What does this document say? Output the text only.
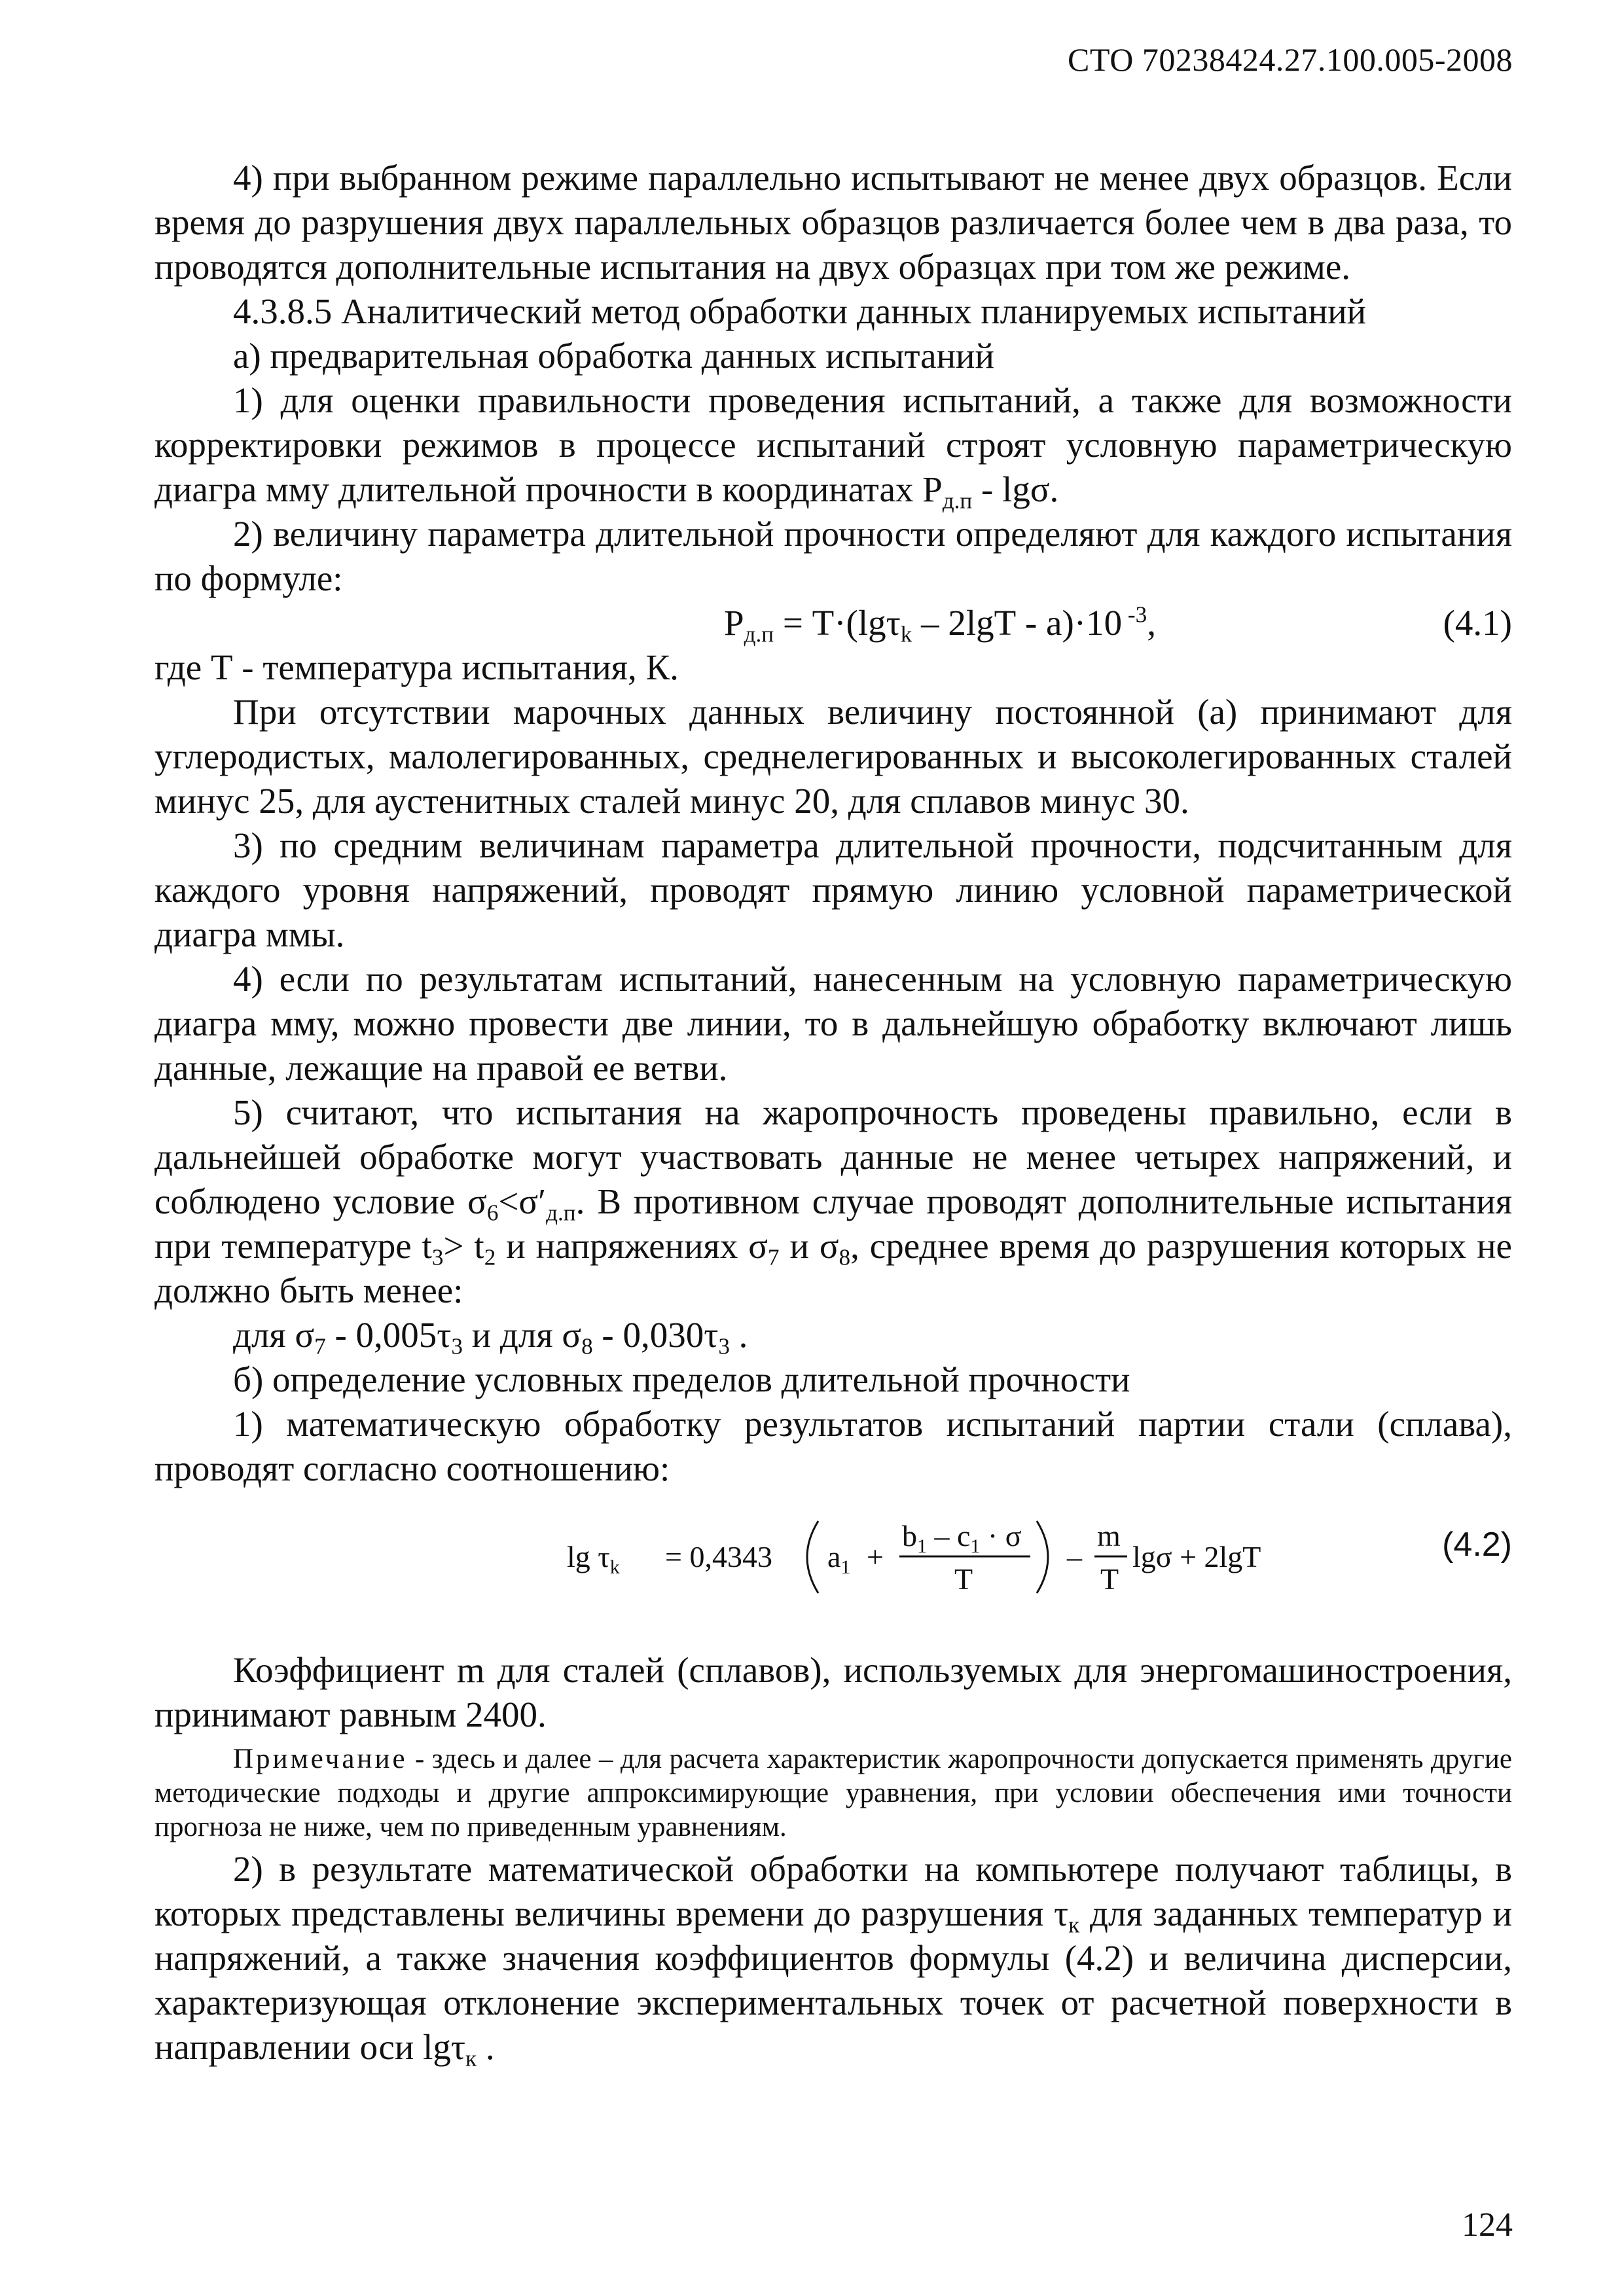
СТО 70238424.27.100.005-2008

4) при выбранном режиме параллельно испытывают не менее двух образцов. Если время до разрушения двух параллельных образцов различается более чем в два раза, то проводятся дополнительные испытания на двух образцах при том же режиме.

4.3.8.5 Аналитический метод обработки данных планируемых испытаний

а) предварительная обработка данных испытаний

1) для оценки правильности проведения испытаний, а также для возможности корректировки режимов в процессе испытаний строят условную параметрическую диагра мму длительной прочности в координатах $Р_{д.п}$ - lgσ.

2) величину параметра длительной прочности определяют для каждого испытания по формуле:

$Р_{д.п} = Т\cdot(\lg\tau_k - 2\lg Т - а)\cdot 10$ $^{-3}$,	(4.1)

где Т - температура испытания, К.

При отсутствии марочных данных величину постоянной (а) принимают для углеродистых, малолегированных, среднелегированных и высоколегированных сталей минус 25, для аустенитных сталей минус 20, для сплавов минус 30.

3) по средним величинам параметра длительной прочности, подсчитанным для каждого уровня напряжений, проводят прямую линию условной параметрической диагра ммы.

4) если по результатам испытаний, нанесенным на условную параметрическую диагра мму, можно провести две линии, то в дальнейшую обработку включают лишь данные, лежащие на правой ее ветви.

5) считают, что испытания на жаропрочность проведены правильно, если в дальнейшей обработке могут участвовать данные не менее четырех напряжений, и соблюдено условие $\sigma_6<\sigma'_{д.п}$. В противном случае проводят дополнительные испытания при температуре $t_3> t_2$ и напряжениях $\sigma_7$ и $\sigma_8$, среднее время до разрушения которых не должно быть менее:

для $\sigma_7 - 0,005\tau_3$ и для $\sigma_8 - 0,030\tau_3$ .

б) определение условных пределов длительной прочности

1) математическую обработку результатов испытаний партии стали (сплава), проводят согласно соотношению:

$\lg \tau_k = 0,4343$ $a_1$ +
$b_1 - c_1 \cdot \sigma$
T
–
m
T
lgσ + 2lgT	(4.2)

Коэффициент m для сталей (сплавов), используемых для энергомашиностроения, принимают равным 2400.

Примечание - здесь и далее – для расчета характеристик жаропрочности допускается применять другие методические подходы и другие аппроксимирующие уравнения, при условии обеспечения ими точности прогноза не ниже, чем по приведенным уравнениям.

2) в результате математической обработки на компьютере получают таблицы, в которых представлены величины времени до разрушения $\tau_к$ для заданных температур и напряжений, а также значения коэффициентов формулы (4.2) и величина дисперсии, характеризующая отклонение экспериментальных точек от расчетной поверхности в направлении оси lgτ$_к$ .

124
